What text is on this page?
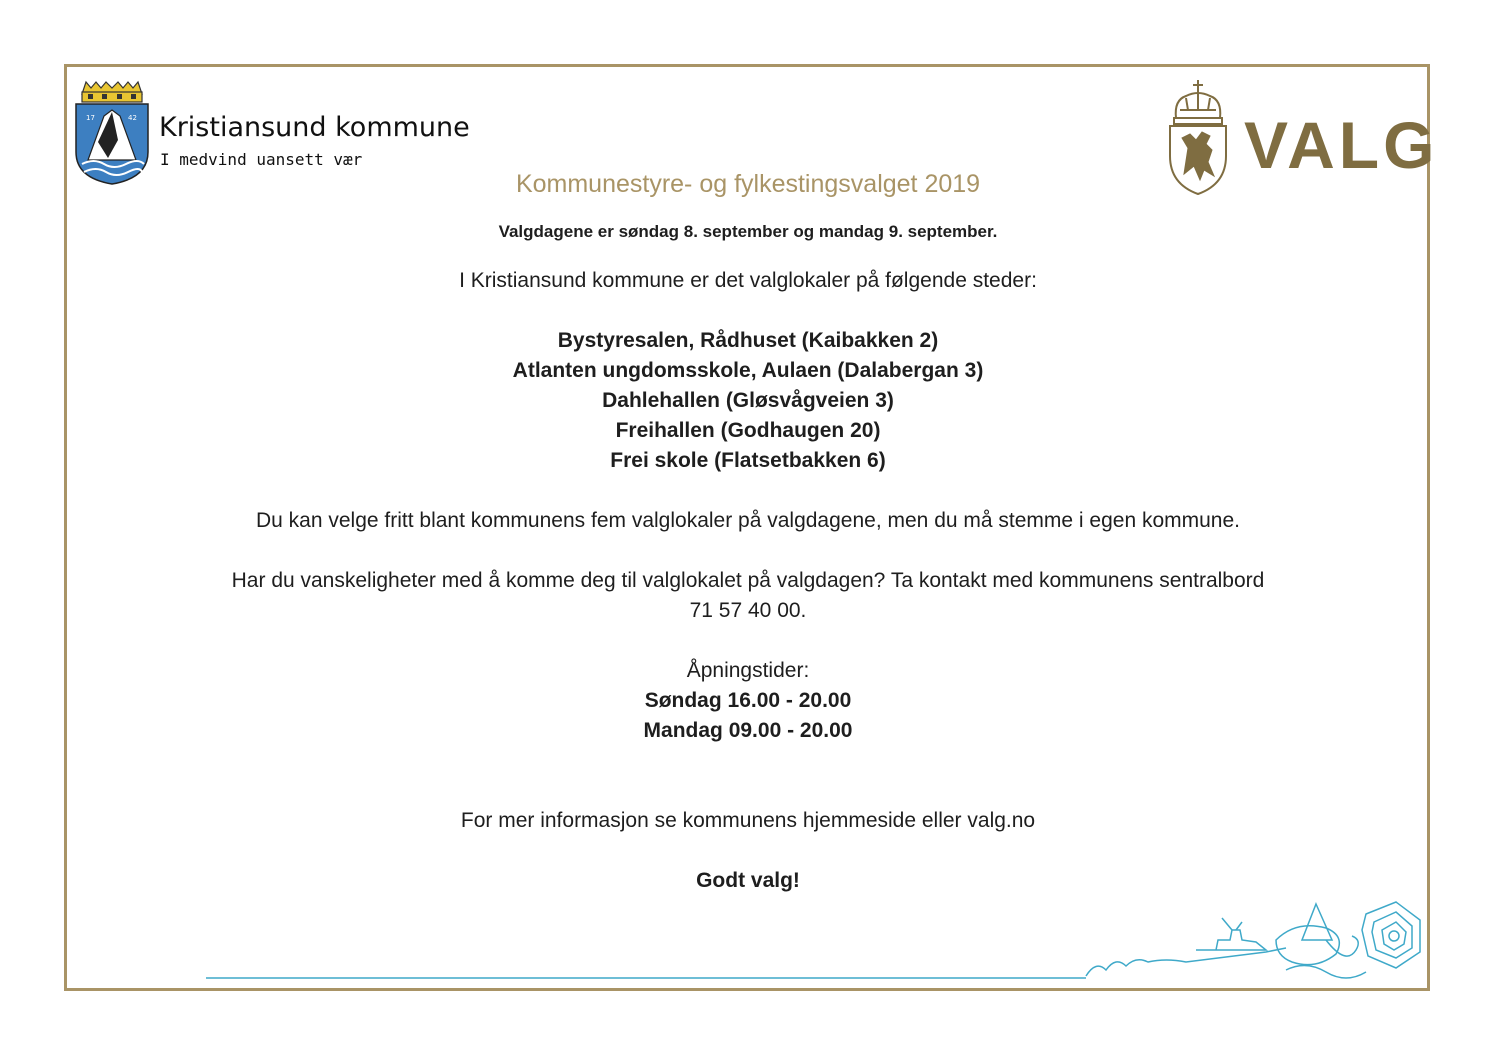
17	42 Kristiansund kommune
I medvind uansett vær	VALG
Kommunestyre- og fylkestingsvalget 2019
Valgdagene er søndag 8. september og mandag 9. september.
I Kristiansund kommune er det valglokaler på følgende steder:
Bystyresalen, Rådhuset (Kaibakken 2)
Atlanten ungdomsskole, Aulaen (Dalabergan 3)
Dahlehallen (Gløsvågveien 3)
Freihallen (Godhaugen 20)
Frei skole (Flatsetbakken 6)
Du kan velge fritt blant kommunens fem valglokaler på valgdagene, men du må stemme i egen kommune.
Har du vanskeligheter med å komme deg til valglokalet på valgdagen? Ta kontakt med kommunens sentralbord
71 57 40 00.
Åpningstider:
Søndag 16.00 - 20.00
Mandag 09.00 - 20.00
For mer informasjon se kommunens hjemmeside eller valg.no
Godt valg!
